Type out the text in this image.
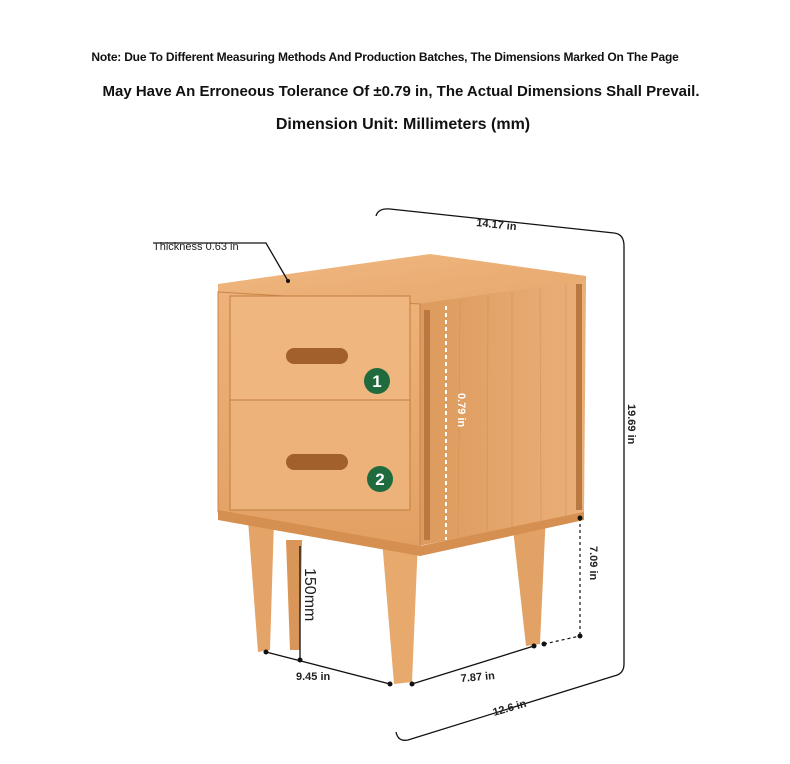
Note: Due To Different Measuring Methods And Production Batches, The Dimensions Marked On The Page
May Have An Erroneous Tolerance Of ±0.79 in, The Actual Dimensions Shall Prevail.
Dimension Unit: Millimeters (mm)
1
2
Thickness 0.63 in
14.17 in
19.69 in
0.79 in
7.09 in
150mm
9.45 in	7.87 in
12.6 in
